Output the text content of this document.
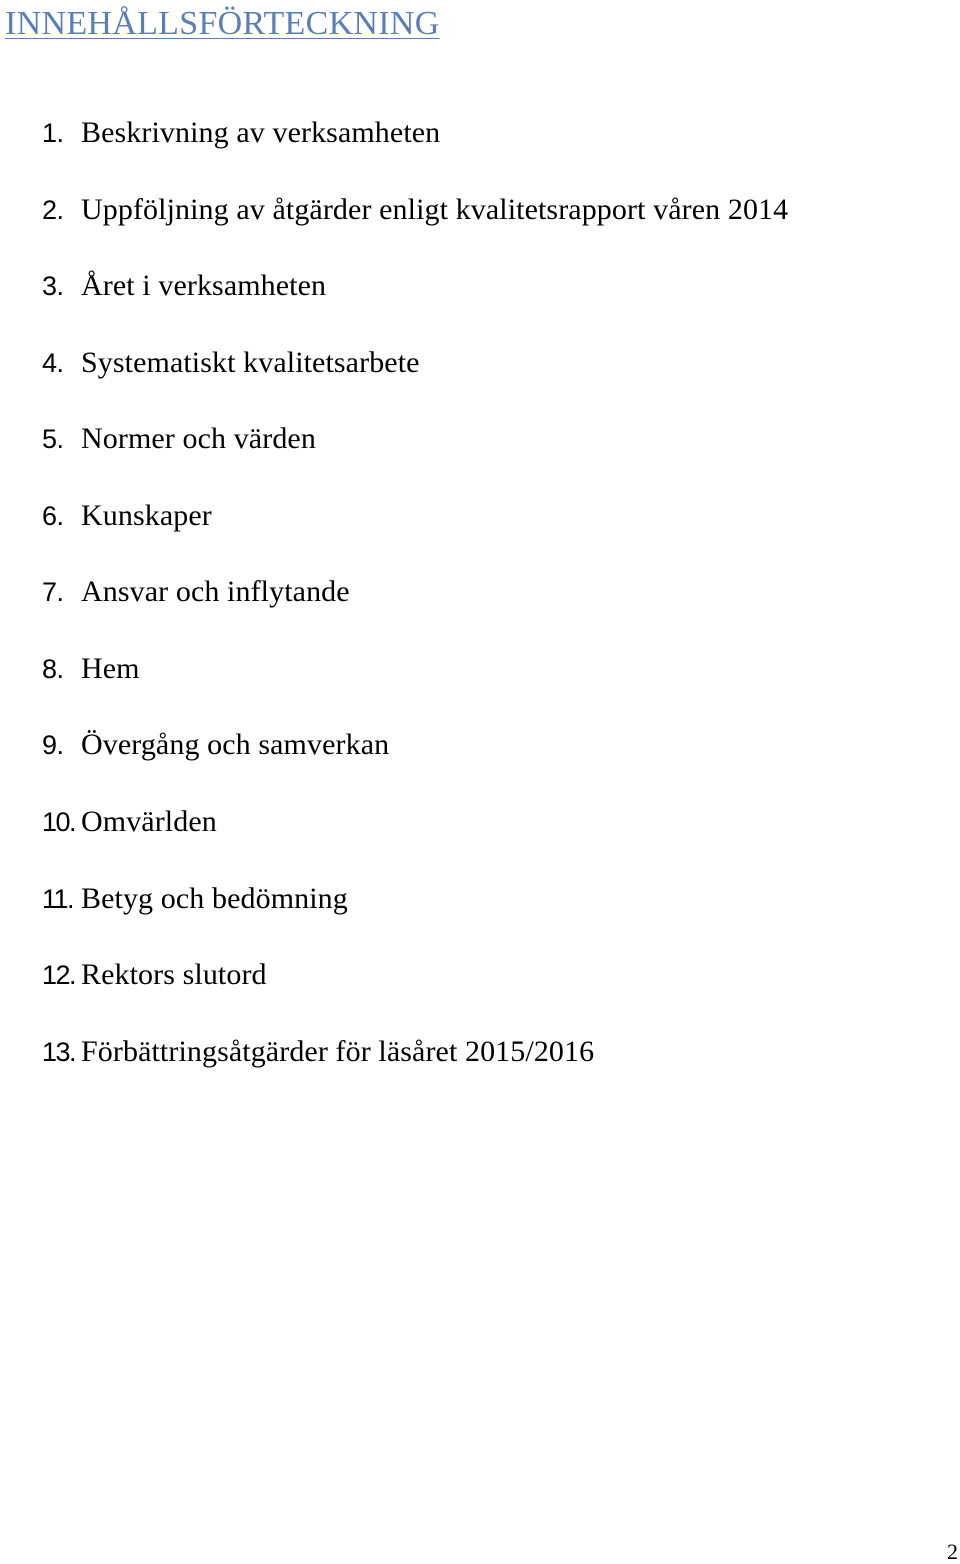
INNEHÅLLSFÖRTECKNING
1. Beskrivning av verksamheten
2. Uppföljning av åtgärder enligt kvalitetsrapport våren 2014
3. Året i verksamheten
4. Systematiskt kvalitetsarbete
5. Normer och värden
6. Kunskaper
7. Ansvar och inflytande
8. Hem
9. Övergång och samverkan
10. Omvärlden
11. Betyg och bedömning
12. Rektors slutord
13. Förbättringsåtgärder för läsåret 2015/2016
2
